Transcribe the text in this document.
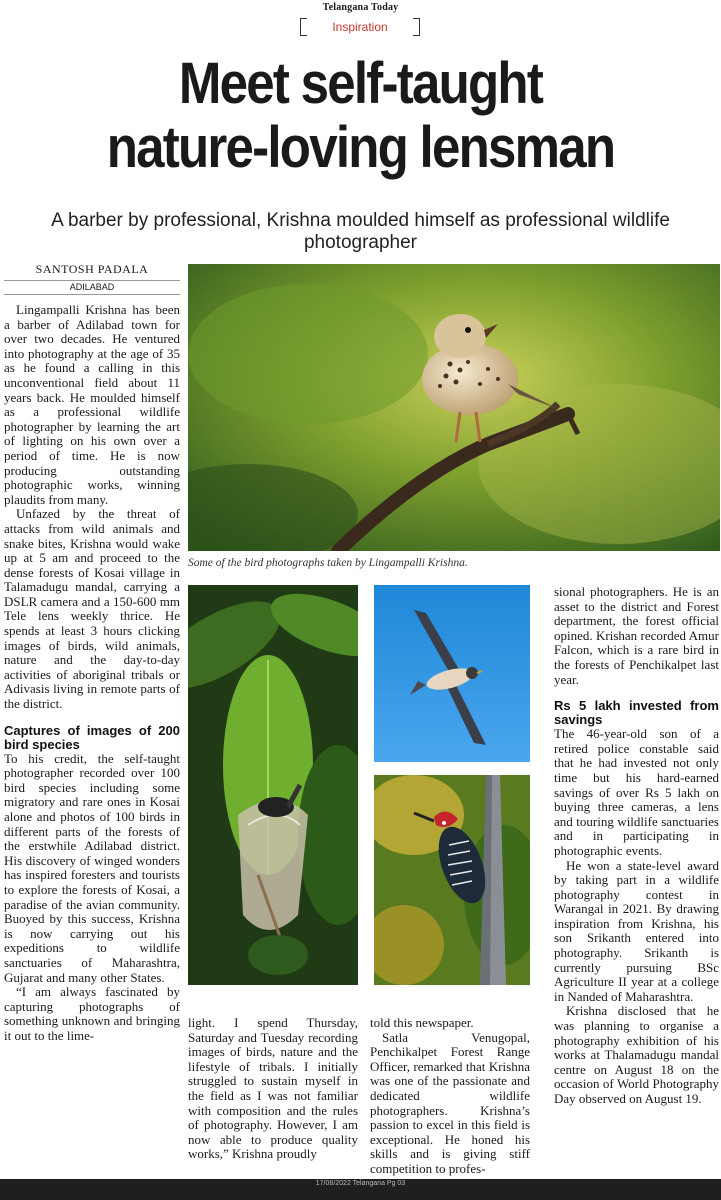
Telangana Today
Inspiration
Meet self-taught
nature-loving lensman
A barber by professional, Krishna moulded himself as professional wildlife photographer
SANTOSH PADALA
ADILABAD
Some of the bird photographs taken by Lingampalli Krishna.

Lingampalli Krishna has been a barber of Adilabad town for over two decades. He ventured into photography at the age of 35 as he found a calling in this unconventional field about 11 years back. He moulded himself as a professional wildlife photographer by learning the art of lighting on his own over a period of time. He is now producing outstanding photographic works, winning plaudits from many.

Unfazed by the threat of attacks from wild animals and snake bites, Krishna would wake up at 5 am and proceed to the dense forests of Kosai village in Talamadugu mandal, carrying a DSLR camera and a 150-600 mm Tele lens weekly thrice. He spends at least 3 hours clicking images of birds, wild animals, nature and the day-to-day activities of aboriginal tribals or Adivasis living in remote parts of the district.

Captures of images of 200 bird species

To his credit, the self-taught photographer recorded over 100 bird species including some migratory and rare ones in Kosai alone and photos of 100 birds in different parts of the forests of the erstwhile Adilabad district. His discovery of winged wonders has inspired foresters and tourists to explore the forests of Kosai, a paradise of the avian community. Buoyed by this success, Krishna is now carrying out his expeditions to wildlife sanctuaries of Maharashtra, Gujarat and many other States.

“I am always fascinated by capturing photographs of something unknown and bringing it out to the lime-

light. I spend Thursday, Saturday and Tuesday recording images of birds, nature and the lifestyle of tribals. I initially struggled to sustain myself in the field as I was not familiar with composition and the rules of photography. However, I am now able to produce quality works,” Krishna proudly

told this newspaper.

Satla Venugopal, Penchikalpet Forest Range Officer, remarked that Krishna was one of the passionate and dedicated wildlife photographers. Krishna’s passion to excel in this field is exceptional. He honed his skills and is giving stiff competition to profes-

sional photographers. He is an asset to the district and Forest department, the forest official opined. Krishan recorded Amur Falcon, which is a rare bird in the forests of Penchikalpet last year.

Rs 5 lakh invested from savings

The 46-year-old son of a retired police constable said that he had invested not only time but his hard-earned savings of over Rs 5 lakh on buying three cameras, a lens and touring wildlife sanctuaries and in participating in photographic events.

He won a state-level award by taking part in a wildlife photography contest in Warangal in 2021. By drawing inspiration from Krishna, his son Srikanth entered into photography. Srikanth is currently pursuing BSc Agriculture II year at a college in Nanded of Maharashtra.

Krishna disclosed that he was planning to organise a photography exhibition of his works at Thalamadugu mandal centre on August 18 on the occasion of World Photography Day observed on August 19.

17/08/2022 Telangana Pg 03
